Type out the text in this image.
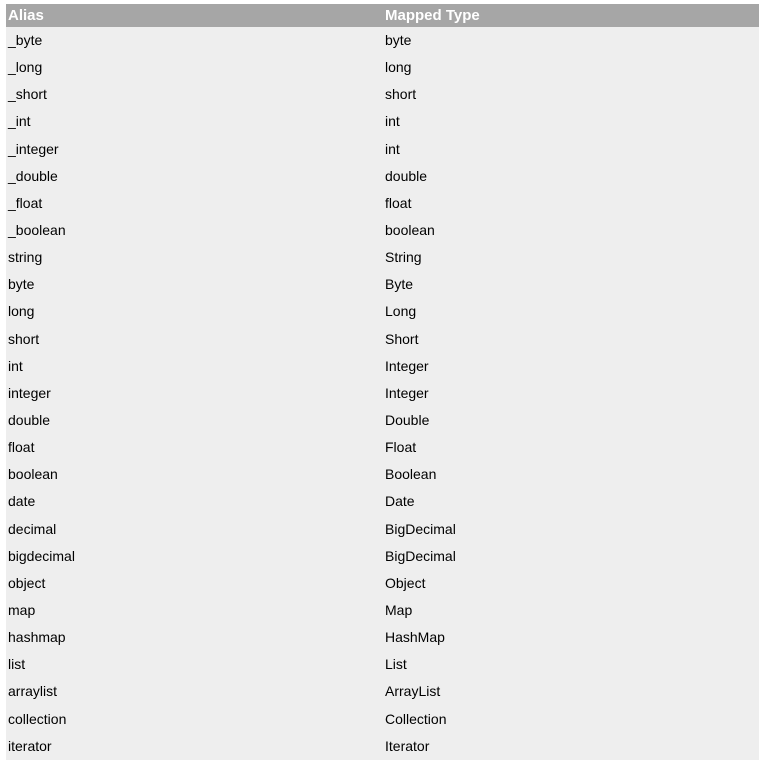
Alias	Mapped Type
_byte	byte
_long	long
_short	short
_int	int
_integer	int
_double	double
_float	float
_boolean	boolean
string	String
byte	Byte
long	Long
short	Short
int	Integer
integer	Integer
double	Double
float	Float
boolean	Boolean
date	Date
decimal	BigDecimal
bigdecimal	BigDecimal
object	Object
map	Map
hashmap	HashMap
list	List
arraylist	ArrayList
collection	Collection
iterator	Iterator
